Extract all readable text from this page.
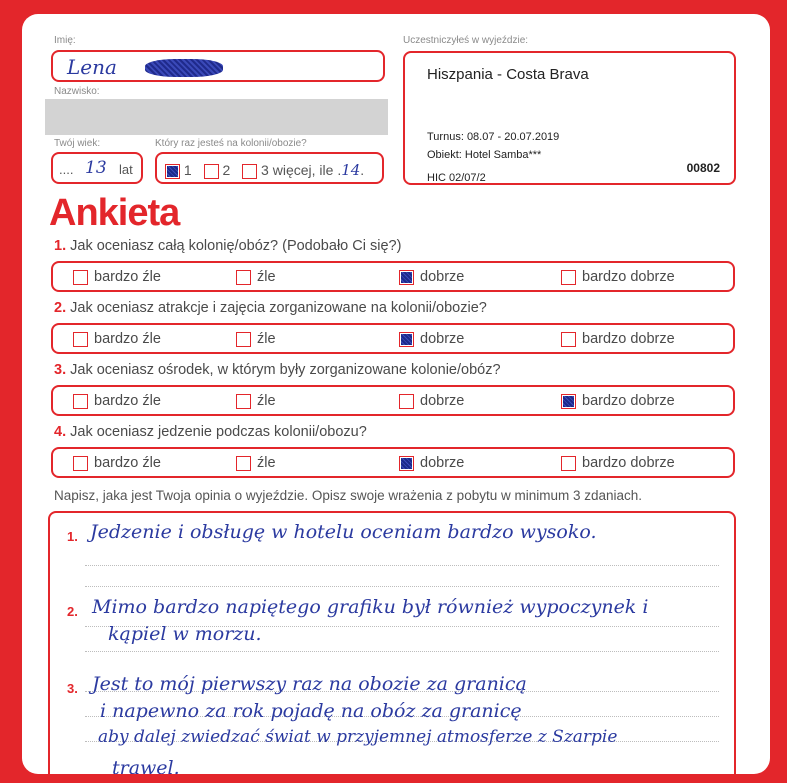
Imię:
Lena
Nazwisko:
Twój wiek:
.... 13 lat
Który raz jesteś na kolonii/obozie?
1 2 3 więcej, ile .14.
Uczestniczyłeś w wyjeździe:
Hiszpania - Costa Brava
Turnus: 08.07 - 20.07.2019
Obiekt: Hotel Samba***
HIC 02/07/2
00802
Ankieta
1. Jak oceniasz całą kolonię/obóz? (Podobało Ci się?)
bardzo źle	źle	dobrze	bardzo dobrze
2. Jak oceniasz atrakcje i zajęcia zorganizowane na kolonii/obozie?
bardzo źle	źle	dobrze	bardzo dobrze
3. Jak oceniasz ośrodek, w którym były zorganizowane kolonie/obóz?
bardzo źle	źle	dobrze	bardzo dobrze
4. Jak oceniasz jedzenie podczas kolonii/obozu?
bardzo źle	źle	dobrze	bardzo dobrze
Napisz, jaka jest Twoja opinia o wyjeździe. Opisz swoje wrażenia z pobytu w minimum 3 zdaniach.
1. Jedzenie i obsługę w hotelu oceniam bardzo wysoko.
2. Mimo bardzo napiętego grafiku był również wypoczynek i
kąpiel w morzu.
3. Jest to mój pierwszy raz na obozie za granicą
i napewno za rok pojadę na obóz za granicę
aby dalej zwiedzać świat w przyjemnej atmosferze z Szarpie
trawel.
